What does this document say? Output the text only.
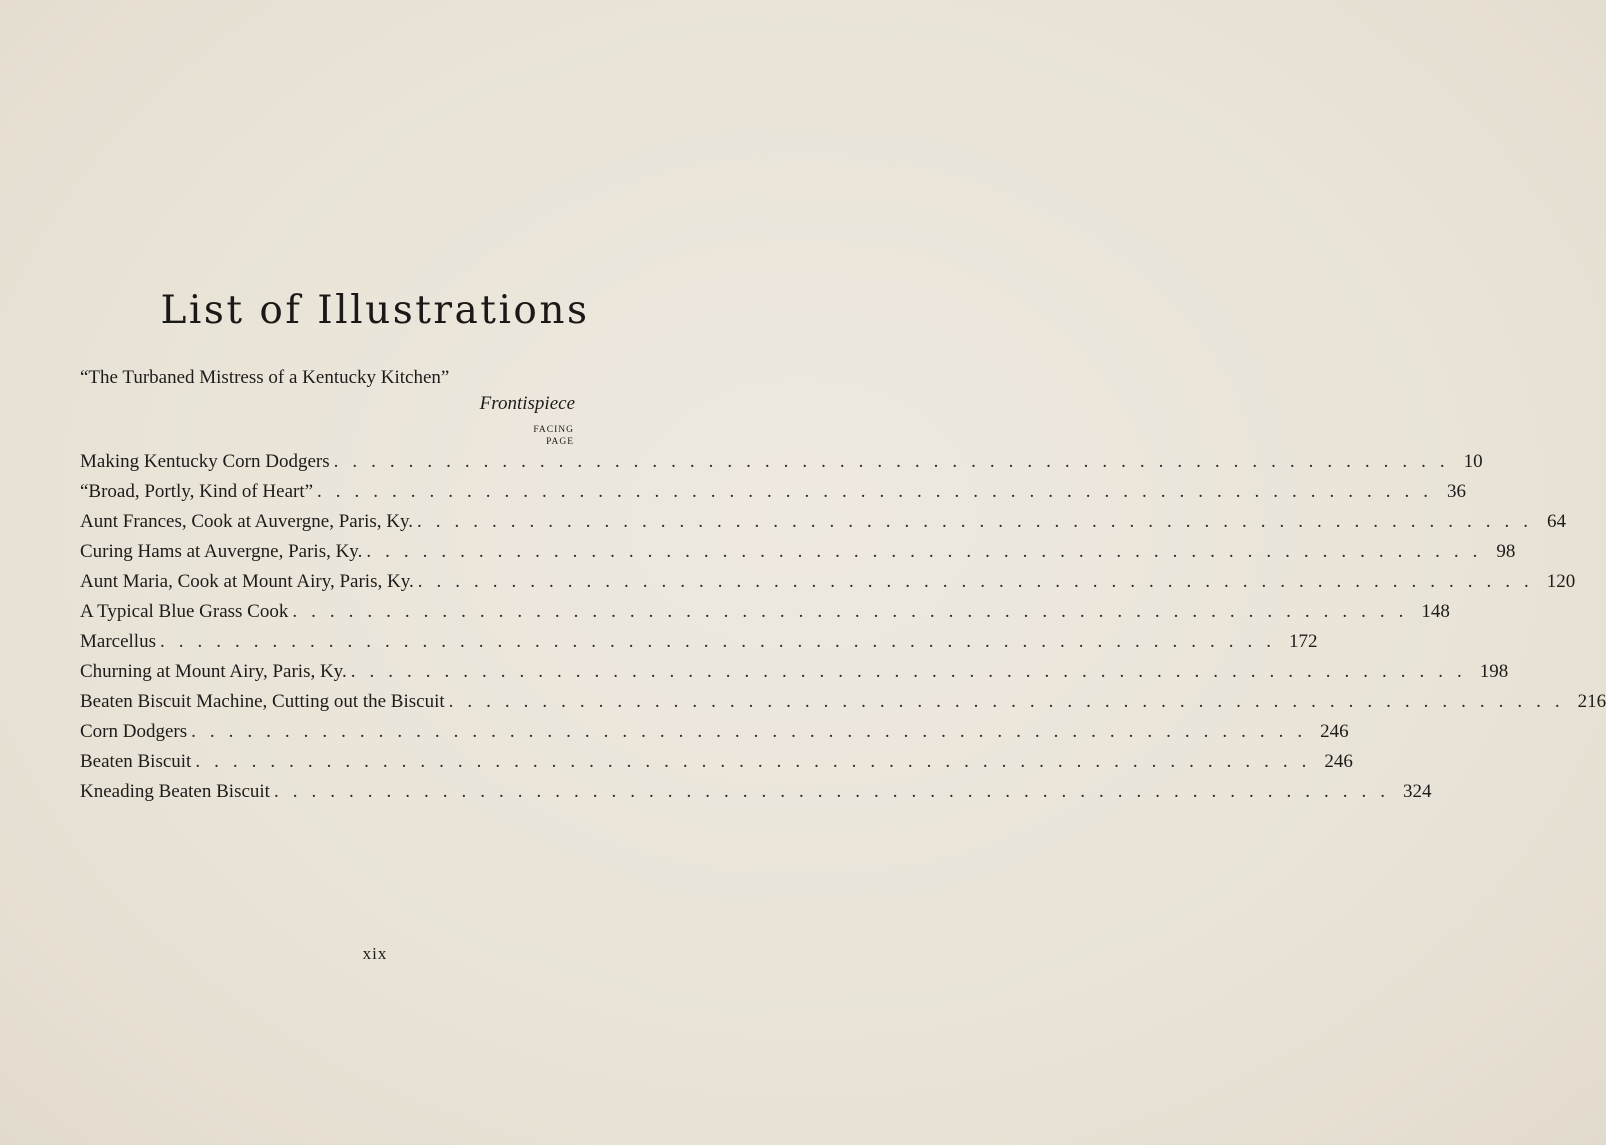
List of Illustrations
“The Turbaned Mistress of a Kentucky Kitchen”
Frontispiece
FACING
PAGE
Making Kentucky Corn Dodgers ............................................................ 10
“Broad, Portly, Kind of Heart” ............................................................ 36
Aunt Frances, Cook at Auvergne, Paris, Ky. ............................................................ 64
Curing Hams at Auvergne, Paris, Ky. ............................................................ 98
Aunt Maria, Cook at Mount Airy, Paris, Ky. ............................................................ 120
A Typical Blue Grass Cook ............................................................ 148
Marcellus ............................................................ 172
Churning at Mount Airy, Paris, Ky. ............................................................ 198
Beaten Biscuit Machine, Cutting out the Biscuit ............................................................ 216
Corn Dodgers ............................................................ 246
Beaten Biscuit ............................................................ 246
Kneading Beaten Biscuit ............................................................ 324
xix
